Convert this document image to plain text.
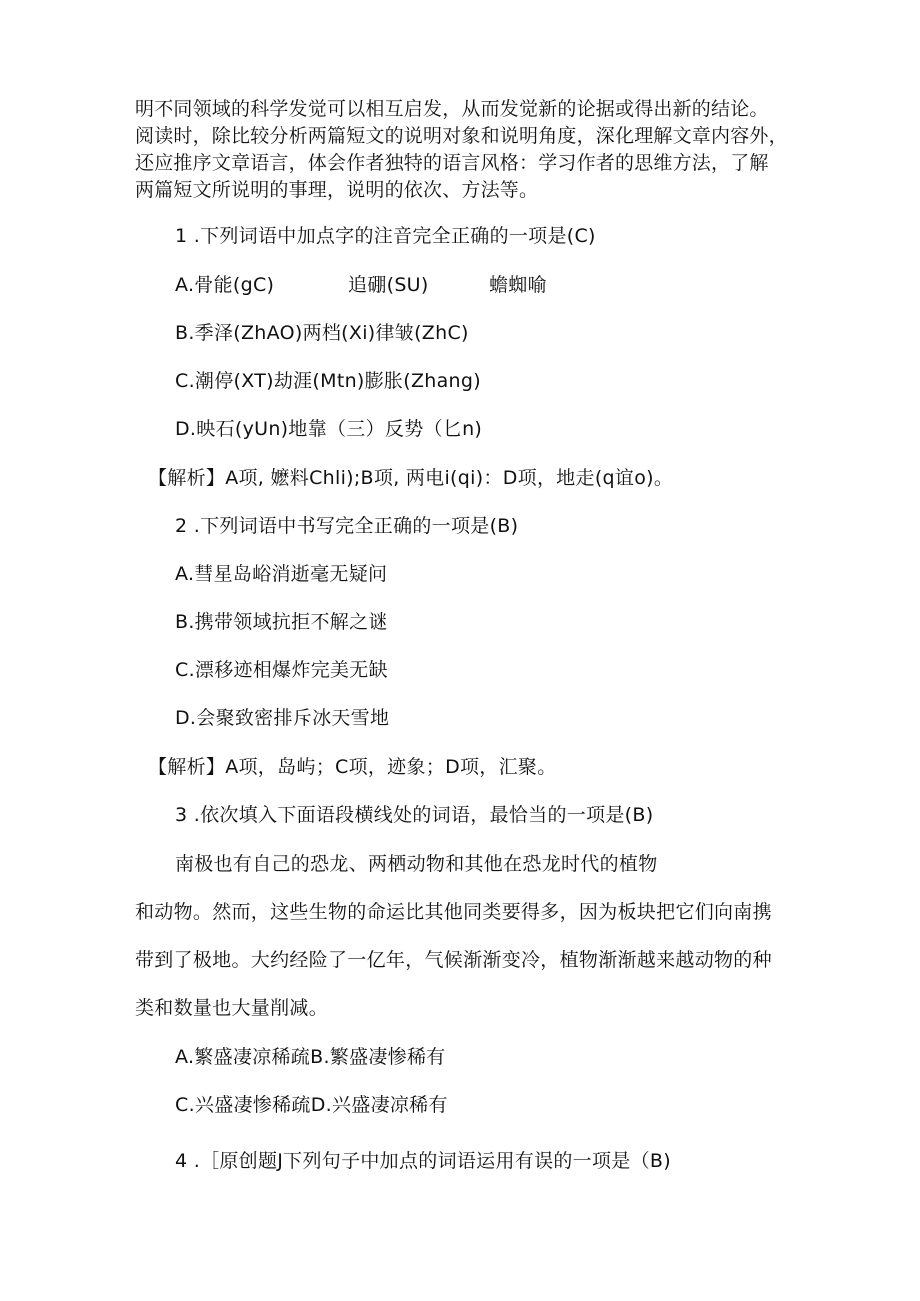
明不同领域的科学发觉可以相互启发，从而发觉新的论据或得出新的结论。
阅读时，除比较分析两篇短文的说明对象和说明角度，深化理解文章内容外，
还应推序文章语言，体会作者独特的语言风格：学习作者的思维方法，了解
两篇短文所说明的事理，说明的依次、方法等。
1 .下列词语中加点字的注音完全正确的一项是(C)
A.骨能(gC)	追硼(SU)	蟾蜘喻
B.季泽(ZhAO)两档(Xi)律皱(ZhC)
C.潮停(XT)劫涯(Mtn)膨胀(Zhang)
D.映石(yUn)地靠（三）反势（匕n)
【解析】A项, 嬷料Chli);B项, 两电i(qi)：D项，地走(q谊o)。
2 .下列词语中书写完全正确的一项是(B)
A.彗星岛峪消逝毫无疑问
B.携带领域抗拒不解之谜
C.漂移迹相爆炸完美无缺
D.会聚致密排斥冰天雪地
【解析】A项，岛屿；C项，迹象；D项，汇聚。
3 .依次填入下面语段横线处的词语，最恰当的一项是(B)
南极也有自己的恐龙、两栖动物和其他在恐龙时代的植物
和动物。然而，这些生物的命运比其他同类要得多，因为板块把它们向南携
带到了极地。大约经险了一亿年，气候渐渐变冷，植物渐渐越来越动物的种
类和数量也大量削减。
A.繁盛凄凉稀疏B.繁盛凄惨稀有
C.兴盛凄惨稀疏D.兴盛凄凉稀有
4 .［原创题J下列句子中加点的词语运用有误的一项是（B)
